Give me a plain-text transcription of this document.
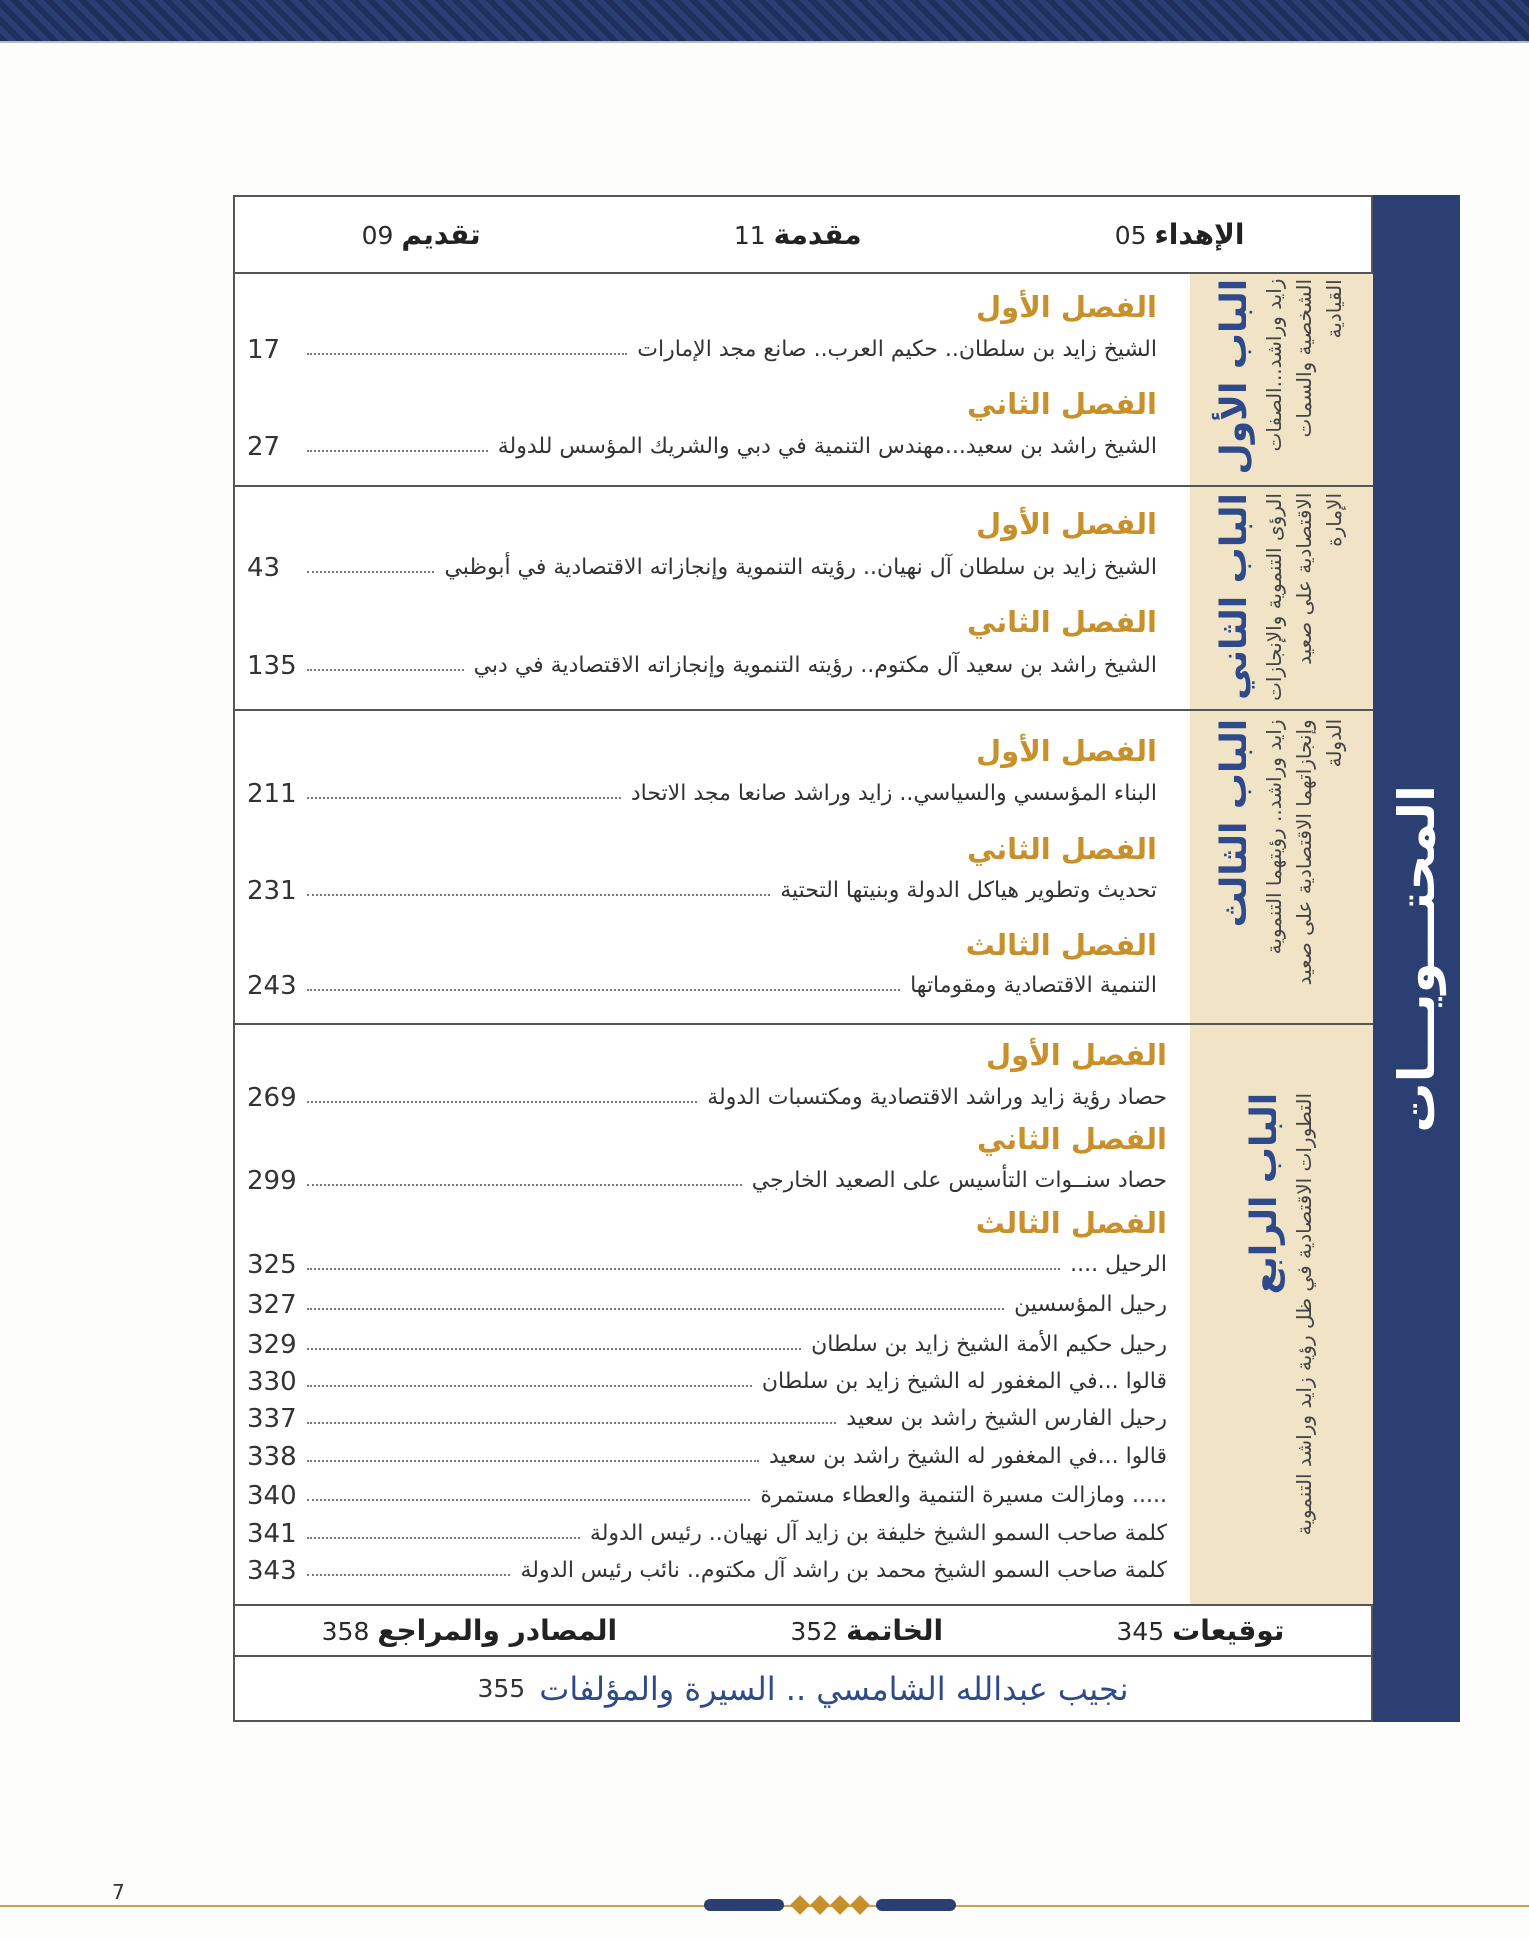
المحتـــويـــات
الإهداء 05
مقدمة 11
تقديم 09
الباب الأول زايد وراشد...الصفات الشخصية والسمات القيادية
الفصل الأول
الشيخ زايد بن سلطان.. حكيم العرب.. صانع مجد الإمارات
17
الفصل الثاني
الشيخ راشد بن سعيد...مهندس التنمية في دبي والشريك المؤسس للدولة
27
الباب الثاني الرؤى التنموية والإنجازات الاقتصادية على صعيد الإمارة
الفصل الأول
الشيخ زايد بن سلطان آل نهيان.. رؤيته التنموية وإنجازاته الاقتصادية في أبوظبي
43
الفصل الثاني
الشيخ راشد بن سعيد آل مكتوم.. رؤيته التنموية وإنجازاته الاقتصادية في دبي
135
الباب الثالث زايد وراشد.. رؤيتهما التنموية وإنجازاتهما الاقتصادية على صعيد الدولة
الفصل الأول
البناء المؤسسي والسياسي.. زايد وراشد صانعا مجد الاتحاد
211
الفصل الثاني
تحديث وتطوير هياكل الدولة وبنيتها التحتية
231
الفصل الثالث
التنمية الاقتصادية ومقوماتها
243
الباب الرابع التطورات الاقتصادية في ظل رؤية زايد وراشد التنموية
الفصل الأول
حصاد رؤية زايد وراشد الاقتصادية ومكتسبات الدولة
269
الفصل الثاني
حصاد سنــوات التأسيس على الصعيد الخارجي
299
الفصل الثالث
الرحيل ....
325
رحيل المؤسسين
327
رحيل حكيم الأمة الشيخ زايد بن سلطان
329
قالوا ...في المغفور له الشيخ زايد بن سلطان
330
رحيل الفارس الشيخ راشد بن سعيد
337
قالوا ...في المغفور له الشيخ راشد بن سعيد
338
..... ومازالت مسيرة التنمية والعطاء مستمرة
340
كلمة صاحب السمو الشيخ خليفة بن زايد آل نهيان.. رئيس الدولة
341
كلمة صاحب السمو الشيخ محمد بن راشد آل مكتوم.. نائب رئيس الدولة
343
توقيعات 345
الخاتمة 352
المصادر والمراجع 358
نجيب عبدالله الشامسي .. السيرة والمؤلفات
355
7
